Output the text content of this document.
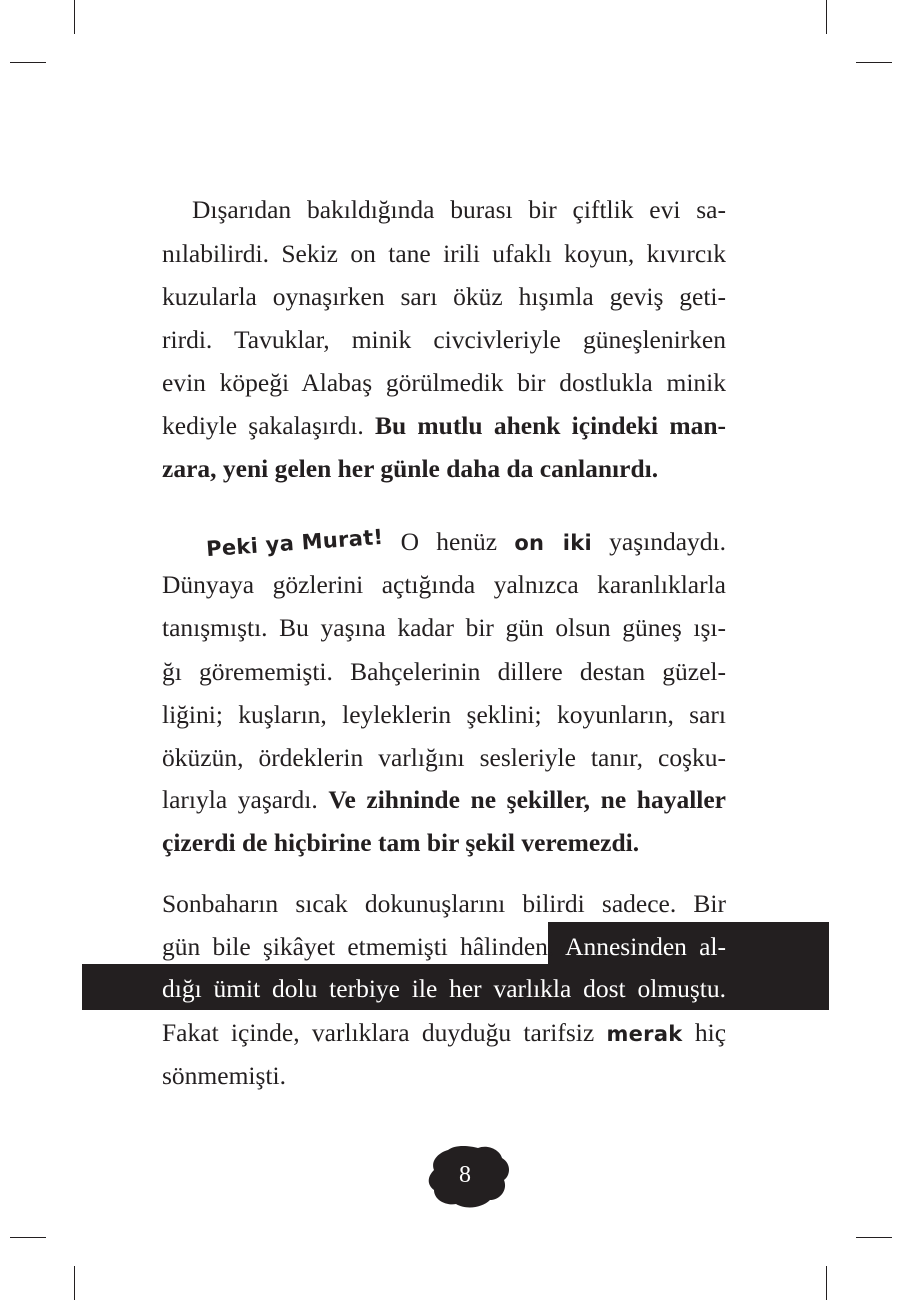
Dışarıdan bakıldığında burası bir çiftlik evi sa-
nılabilirdi. Sekiz on tane irili ufaklı koyun, kıvırcık
kuzularla oynaşırken sarı öküz hışımla geviş geti-
rirdi. Tavuklar, minik civcivleriyle güneşlenirken
evin köpeği Alabaş görülmedik bir dostlukla minik
kediyle şakalaşırdı. Bu mutlu ahenk içindeki man-
zara, yeni gelen her günle daha da canlanırdı.
Peki ya Murat! O henüz on iki yaşındaydı.
Dünyaya gözlerini açtığında yalnızca karanlıklarla
tanışmıştı. Bu yaşına kadar bir gün olsun güneş ışı-
ğı görememişti. Bahçelerinin dillere destan güzel-
liğini; kuşların, leyleklerin şeklini; koyunların, sarı
öküzün, ördeklerin varlığını sesleriyle tanır, coşku-
larıyla yaşardı. Ve zihninde ne şekiller, ne hayaller
çizerdi de hiçbirine tam bir şekil veremezdi.
Sonbaharın sıcak dokunuşlarını bilirdi sadece. Bir
gün bile şikâyet etmemişti hâlinden. Annesinden al-
dığı ümit dolu terbiye ile her varlıkla dost olmuştu.
Fakat içinde, varlıklara duyduğu tarifsiz merak hiç
sönmemişti.
8
